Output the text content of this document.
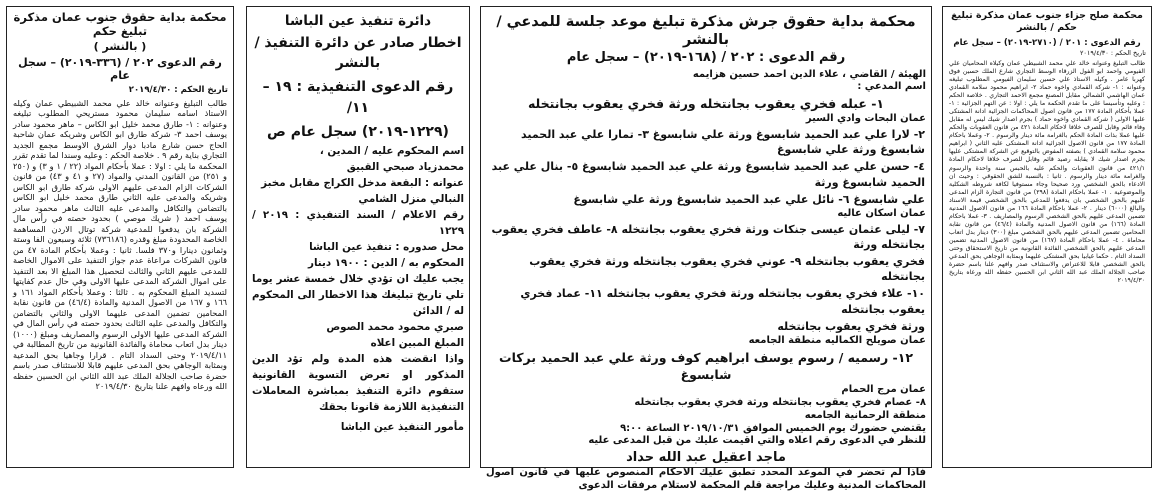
محكمة بداية حقوق جنوب عمان مذكرة تبليغ حكم
( بالنشر )
رقم الدعوى ٢٠٢ / (٣٣٦-٢٠١٩) – سجل عام
تاريخ الحكم : ٢٠١٩/٤/٣٠
طالب التبليغ وعنوانه خالد علي محمد الشبيطي عمان وكيله الاستاذ اسامه سليمان محمود مستريحي المطلوب تبليغه وعنوانه : ١- طارق محمد خليل ابو الكاس – ماهر محمود سادر يوسف احمد ٣- شركة طارق ابو الكاس وشريكه عمان شاحبة الحاج حسن شارع مادبا دوار الشرق الاوسط مجمع الجديد التجاري بناية رقم ٩ . خلاصة الحكم : وعليه وسندا لما تقدم تقرر المحكمة ما يلي : اولا : عملا بأحكام المواد (٢٢ / ١ و ٣) و (٢٥٠ و ٢٥١) من القانون المدني والمواد (٢٧ و ٤١ و ٤٣) من قانون الشركات الزام المدعى عليهم الاولى شركة طارق ابو الكاس وشريكه والمدعى عليه الثاني طارق محمد خليل ابو الكاس بالتضامن والتكافل والمدعى عليه الثالث ماهر محمود سادر يوسف احمد ( شريك موصي ) بحدود حصته في رأس مال الشركة بان يدفعوا للمدعية شركة توتال الاردن المساهمة الخاصة المحدودة مبلغ وقدره (٧٣٦١٨٦) ثلاثة وسبعون الفا وستة وثمانون دينارا و٣٧٠ فلسا. ثانيا : وعملا بأحكام المادة ٤٧ من قانون الشركات مراعاة عدم جواز التنفيذ على الاموال الخاصة للمدعى عليهم الثاني والثالث لتحصيل هذا المبلغ الا بعد التنفيذ على اموال الشركة المدعى عليها الاولى وفي حال عدم كفايتها لتسديد المبلغ المحكوم به . ثالثا : وعملا بأحكام المواد ١٦١ و ١٦٦ و ١٦٧ من الاصول المدنية والمادة (٤٦/٤) من قانون نقابة المحامين تضمين المدعى عليهما الاولى والثاني بالتضامن والتكافل والمدعى عليه الثالث بحدود حصته في رأس المال في الشركة المدعى عليها الاولى الرسوم والمصاريف ومبلغ (١٠٠٠) دينار بدل اتعاب محاماة والفائدة القانونية من تاريخ المطالبة في ٢٠١٩/٤/١١ وحتى السداد التام . قرارا وجاهيا بحق المدعية وبمثابة الوجاهي بحق المدعى عليهم قابلا للاستئناف صدر باسم حضرة صاحب الجلالة الملك عبد الله الثاني ابن الحسين حفظه الله ورعاه وافهم علنا بتاريخ ٢٠١٩/٤/٣٠
دائرة تنفيذ عين الباشا
اخطار صادر عن دائرة التنفيذ / بالنشر
رقم الدعوى التنفيذية : ١٩ – ١١/
(١٢٢٩-٢٠١٩) سجل عام ص
اسم المحكوم عليه / المدين ،
محمدزياد صبحي القبيق
عنوانه : البقعة مدخل الكراج مقابل مخبز
النبالي منزل الشامي
رقم الاعلام / السند التنفيذي : ٢٠١٩ / ١٢٢٩
محل صدوره : تنفيذ عين الباشا
المحكوم به / الدين : ١٩٠٠ دينار
يجب عليك ان تؤدي خلال خمسة عشر يوما تلي تاريخ تبليغك هذا الاخطار الى المحكوم له / الدائن
صبري محمود محمد الصوص
المبلغ المبين اعلاه
واذا انقضت هذه المدة ولم تؤد الدين المذكور او تعرض التسوية القانونية ستقوم دائرة التنفيذ بمباشرة المعاملات التنفيذية اللازمة قانونا بحقك
مأمور التنفيذ عين الباشا
محكمة بداية حقوق جرش مذكرة تبليغ موعد جلسة للمدعي / بالنشر
رقم الدعوى : ٢٠٢ / (١٦٨-٢٠١٩) – سجل عام
الهيئة / القاضي ، علاء الدين احمد حسين هزايمه
اسم المدعي :
١- عبله فخري يعقوب بجانتخله ورثة فخري يعقوب بجانتخله
عمان البحات وادي السير
٢- لارا علي عبد الحميد شابسوغ ورثة علي شابسوغ ٣- تمارا علي عبد الحميد شابسوغ ورثة علي شابسوغ
٤- حسن علي عبد الحميد شابسوغ ورثة علي عبد الحميد شابسوغ ٥- بنال علي عبد الحميد شابسوغ ورثة
علي شابسوغ ٦- نائل علي عبد الحميد شابسوغ ورثة علي شابسوغ
عمان اسكان عاليه
٧- ليلى عثمان عيسى جنكات ورثة فخري يعقوب بجانتخله ٨- عاطف فخري يعقوب بجانتخله ورثة
فخري يعقوب بجانتخله ٩- عوني فخري يعقوب بجانتخله ورثة فخري يعقوب بجانتخله
١٠- علاء فخري يعقوب بجانتخله ورثة فخري يعقوب بجانتخله ١١- عماد فخري يعقوب بجانتخله
ورثة فخري يعقوب بجانتخله
عمان صويلح الكماليه منطقة الجامعه
١٢- رسميه / رسوم يوسف ابراهيم كوف ورثة علي عبد الحميد بركات شابسوغ
عمان مرج الحمام
٨- عصام فخري يعقوب بجانتخله ورثة فخري يعقوب بجانتخله
منطقة الرحمانية الجامعه
يقتضي حضورك يوم الخميس الموافق ٢٠١٩/١٠/٣١ الساعة ٩:٠٠
للنظر في الدعوى رقم اعلاه والتي اقيمت عليك من قبل المدعى عليه
ماجد اعقيل عبد الله حداد
فاذا لم تحضر في الموعد المحدد تطبق عليك الاحكام المنصوص عليها في قانون اصول المحاكمات المدنية وعليك مراجعة قلم المحكمة لاستلام مرفقات الدعوى
محكمة صلح جزاء جنوب عمان مذكرة تبليغ حكم / بالنشر
رقم الدعوى : ٢٠١ / (٢٧١٠-٢٠١٩) – سجل عام
تاريخ الحكم : ٢٠١٩/٤/٣٠
طالب التبليغ وعنوانه خالد علي محمد الشبيطي عمان وكيلاه المحاميان علي الفيومي واحمد ابو الفول الزرقاء الوسط التجاري شارع الملك حسين فوق كهربا عامر . وكيله الاستاذ علي حسين سليمان الفيومي المطلوب تبليغه وعنوانه : ١- شركة القمادي واخوه حماد ٢- ابراهيم محمود سلامة القمادي عمان الهاشمي الشمالي مقابل المصنع مجمع الاحمد التجاري . خلاصة الحكم : وعليه وتأسيسا على ما تقدم الحكمة ما يلي : اولا : عن التهم الجزائية : ١- عملا بأحكام المادة ١٧٧ من قانون اصول المحاكمات الجزائية ادانة المشتكى عليها الاولى ( شركة القمادي واخوه حماد ) بجرم اصدار شيك ليس له مقابل وفاء قائم وقابل للصرف خلافا لاحكام المادة ٤٢١ من قانون العقوبات والحكم عليها عملا بذات المادة الحكم بالغرامة مائة دينار والرسوم . ٢- وعملا باحكام المادة ١٧٧ من قانون الاصول الجزائية ادانة المشتكى عليه الثاني ( ابراهيم محمود سلامة القمادي ) بصفته المفوض بالتوقيع عن الشركة المشتكى عليها بجرم اصدار شيك لا يقابله رصيد قائم وقابل للصرف خلافا لاحكام المادة ٤٢١/١ من قانون العقوبات والحكم عليه بالحبس سنة واحدة والرسوم والغرامة مائة دينار والرسوم . ثانيا : بالنسبة للشق الحقوقي : وحيث ان الادعاء بالحق الشخصي ورد صحيحا وجاء مستوفيا لكافة شروطه الشكلية والموضوعية . ١- عملا باحكام المادة (٢٩٨) من قانون التجارة الزام المدعى عليهم بالحق الشخصي بان يدفعوا للمدعي بالحق الشخصي قيمة الاسناد والبالغ (٦٠٠٠) دينار . ٢- عملا باحكام المادة ١٦٦ من قانون الاصول المدنية تضمين المدعى عليهم بالحق الشخصي الرسوم والمصاريف . ٣- عملا باحكام المادة (١٦٦) من قانون الاصول المدنية والمادة (٤٦/٤) من قانون نقابة المحامين تضمين المدعى عليهم بالحق الشخصي مبلغ (٣٠٠) دينار بدل اتعاب محاماة . ٤- عملا باحكام المادة (١٦٧) من قانون الاصول المدنية تضمين المدعى عليهم بالحق الشخصي الفائدة القانونية من تاريخ الاستحقاق وحتى السداد التام . حكما غيابيا بحق المشتكى عليهما وبمثابة الوجاهي بحق المدعي بالحق الشخصي قابلا للاعتراض والاستئناف صدر وافهم علنا باسم حضرة صاحب الجلالة الملك عبد الله الثاني ابن الحسين حفظه الله ورعاه بتاريخ ٢٠١٩/٤/٣٠
